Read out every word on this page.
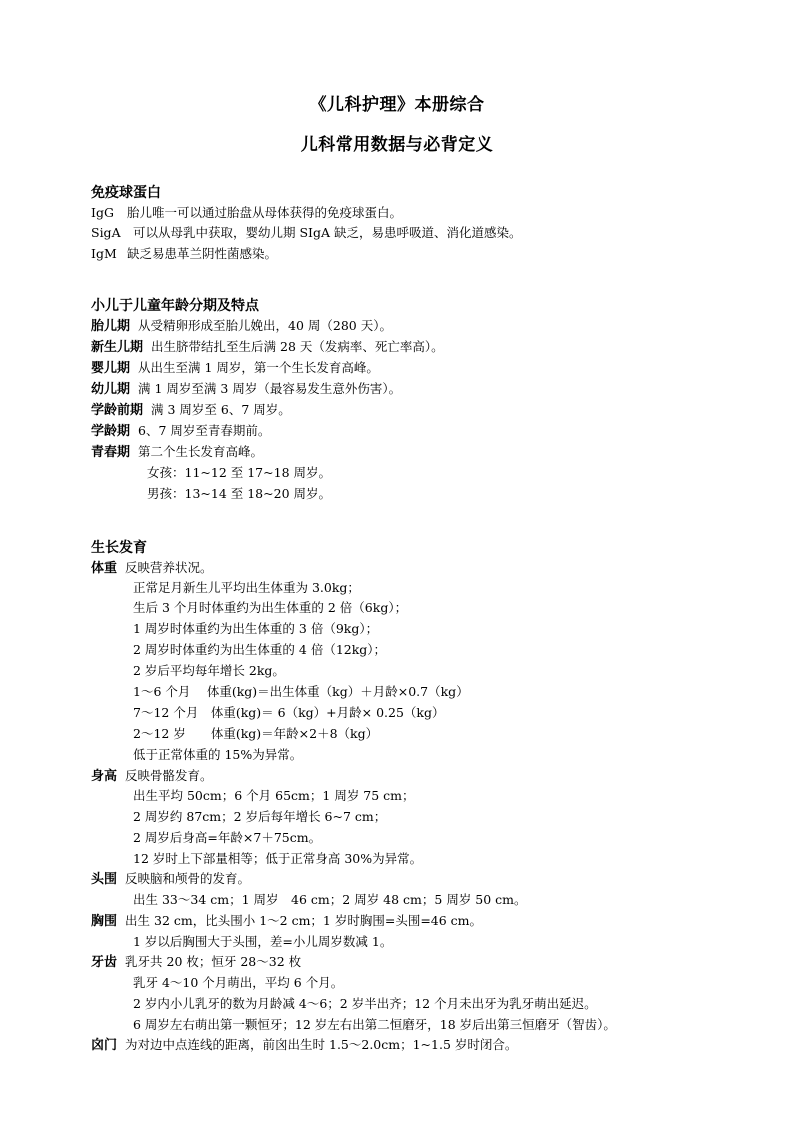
《儿科护理》本册综合
儿科常用数据与必背定义
免疫球蛋白
IgG 胎儿唯一可以通过胎盘从母体获得的免疫球蛋白。
SigA 可以从母乳中获取，婴幼儿期 SIgA 缺乏，易患呼吸道、消化道感染。
IgM 缺乏易患革兰阴性菌感染。
小儿于儿童年龄分期及特点
胎儿期 从受精卵形成至胎儿娩出，40 周（280 天）。
新生儿期 出生脐带结扎至生后满 28 天（发病率、死亡率高）。
婴儿期 从出生至满 1 周岁，第一个生长发育高峰。
幼儿期 满 1 周岁至满 3 周岁（最容易发生意外伤害）。
学龄前期 满 3 周岁至 6、7 周岁。
学龄期 6、7 周岁至青春期前。
青春期 第二个生长发育高峰。
女孩：11~12 至 17~18 周岁。
男孩：13~14 至 18~20 周岁。
生长发育
体重 反映营养状况。
正常足月新生儿平均出生体重为 3.0kg；
生后 3 个月时体重约为出生体重的 2 倍（6kg）；
1 周岁时体重约为出生体重的 3 倍（9kg）；
2 周岁时体重约为出生体重的 4 倍（12kg）；
2 岁后平均每年增长 2kg。
1～6 个月　 体重(kg)＝出生体重（kg）＋月龄×0.7（kg）
7～12 个月　体重(kg)＝ 6（kg）+月龄× 0.25（kg）
2～12 岁　　体重(kg)＝年龄×2＋8（kg）
低于正常体重的 15%为异常。
身高 反映骨骼发育。
出生平均 50cm；6 个月 65cm；1 周岁 75 cm；
2 周岁约 87cm；2 岁后每年增长 6~7 cm；
2 周岁后身高=年龄×7＋75cm。
12 岁时上下部量相等；低于正常身高 30%为异常。
头围 反映脑和颅骨的发育。
出生 33～34 cm；1 周岁　46 cm；2 周岁 48 cm；5 周岁 50 cm。
胸围 出生 32 cm，比头围小 1～2 cm；1 岁时胸围=头围=46 cm。
1 岁以后胸围大于头围，差=小儿周岁数减 1。
牙齿 乳牙共 20 枚；恒牙 28～32 枚
乳牙 4～10 个月萌出，平均 6 个月。
2 岁内小儿乳牙的数为月龄减 4～6；2 岁半出齐；12 个月未出牙为乳牙萌出延迟。
6 周岁左右萌出第一颗恒牙；12 岁左右出第二恒磨牙，18 岁后出第三恒磨牙（智齿）。
囟门 为对边中点连线的距离，前囟出生时 1.5～2.0cm；1~1.5 岁时闭合。
